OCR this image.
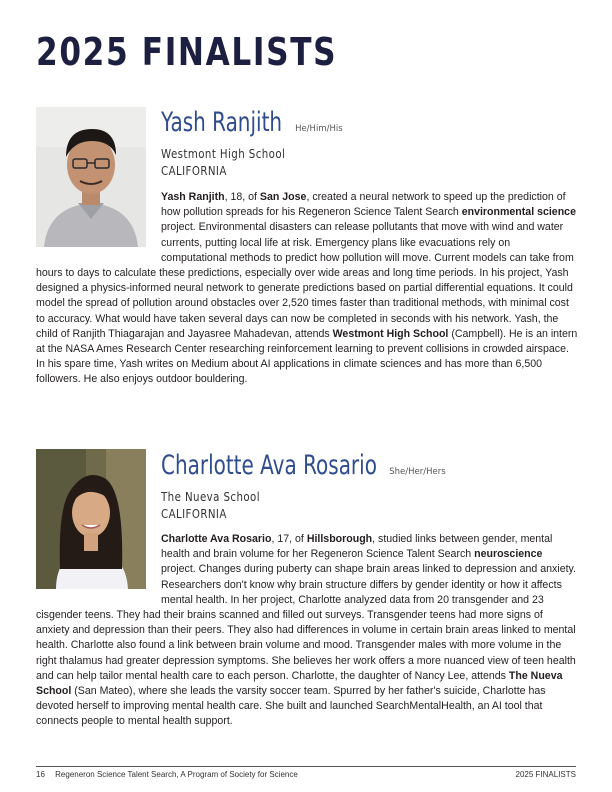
2025 FINALISTS
Yash Ranjith He/Him/His
Westmont High School
CALIFORNIA

Yash Ranjith, 18, of San Jose, created a neural network to speed up the prediction of how pollution spreads for his Regeneron Science Talent Search environmental science project. Environmental disasters can release pollutants that move with wind and water currents, putting local life at risk. Emergency plans like evacuations rely on computational methods to predict how pollution will move. Current models can take from hours to days to calculate these predictions, especially over wide areas and long time periods. In his project, Yash designed a physics-informed neural network to generate predictions based on partial differential equations. It could model the spread of pollution around obstacles over 2,520 times faster than traditional methods, with minimal cost to accuracy. What would have taken several days can now be completed in seconds with his network. Yash, the child of Ranjith Thiagarajan and Jayasree Mahadevan, attends Westmont High School (Campbell). He is an intern at the NASA Ames Research Center researching reinforcement learning to prevent collisions in crowded airspace. In his spare time, Yash writes on Medium about AI applications in climate sciences and has more than 6,500 followers. He also enjoys outdoor bouldering.

Charlotte Ava Rosario She/Her/Hers
The Nueva School
CALIFORNIA

Charlotte Ava Rosario, 17, of Hillsborough, studied links between gender, mental health and brain volume for her Regeneron Science Talent Search neuroscience project. Changes during puberty can shape brain areas linked to depression and anxiety. Researchers don't know why brain structure differs by gender identity or how it affects mental health. In her project, Charlotte analyzed data from 20 transgender and 23 cisgender teens. They had their brains scanned and filled out surveys. Transgender teens had more signs of anxiety and depression than their peers. They also had differences in volume in certain brain areas linked to mental health. Charlotte also found a link between brain volume and mood. Transgender males with more volume in the right thalamus had greater depression symptoms. She believes her work offers a more nuanced view of teen health and can help tailor mental health care to each person. Charlotte, the daughter of Nancy Lee, attends The Nueva School (San Mateo), where she leads the varsity soccer team. Spurred by her father's suicide, Charlotte has devoted herself to improving mental health care. She built and launched SearchMentalHealth, an AI tool that connects people to mental health support.

16 Regeneron Science Talent Search, A Program of Society for Science	2025 FINALISTS
